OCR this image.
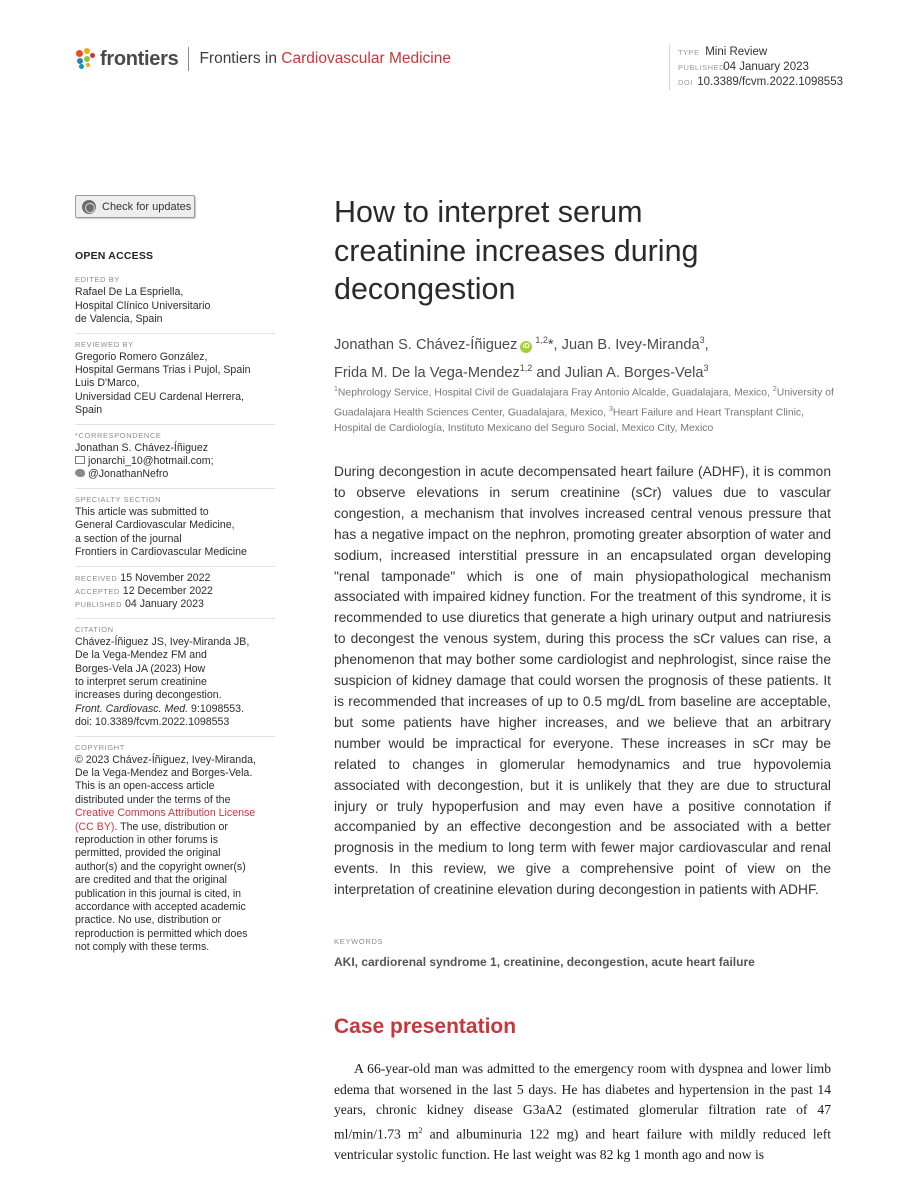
frontiers Frontiers in Cardiovascular Medicine	TYPE Mini Review
PUBLISHED 04 January 2023
DOI 10.3389/fcvm.2022.1098553
Check for updates
OPEN ACCESS
EDITED BY
Rafael De La Espriella,
Hospital Clínico Universitario
de Valencia, Spain
REVIEWED BY
Gregorio Romero González,
Hospital Germans Trias i Pujol, Spain
Luis D'Marco,
Universidad CEU Cardenal Herrera,
Spain
*CORRESPONDENCE
Jonathan S. Chávez-Íñiguez
jonarchi_10@hotmail.com;
@JonathanNefro
SPECIALTY SECTION
This article was submitted to
General Cardiovascular Medicine,
a section of the journal
Frontiers in Cardiovascular Medicine
RECEIVED 15 November 2022
ACCEPTED 12 December 2022
PUBLISHED 04 January 2023
CITATION
Chávez-Íñiguez JS, Ivey-Miranda JB,
De la Vega-Mendez FM and
Borges-Vela JA (2023) How
to interpret serum creatinine
increases during decongestion.
Front. Cardiovasc. Med. 9:1098553.
doi: 10.3389/fcvm.2022.1098553
COPYRIGHT
© 2023 Chávez-Íñiguez, Ivey-Miranda,
De la Vega-Mendez and Borges-Vela.
This is an open-access article
distributed under the terms of the
Creative Commons Attribution License
(CC BY). The use, distribution or
reproduction in other forums is
permitted, provided the original
author(s) and the copyright owner(s)
are credited and that the original
publication in this journal is cited, in
accordance with accepted academic
practice. No use, distribution or
reproduction is permitted which does
not comply with these terms.
How to interpret serum
creatinine increases during
decongestion
Jonathan S. Chávez-Íñiguez iD$^{1,2}$*, Juan B. Ivey-Miranda$^3$,
Frida M. De la Vega-Mendez$^{1,2}$ and Julian A. Borges-Vela$^3$
$^1$Nephrology Service, Hospital Civil de Guadalajara Fray Antonio Alcalde, Guadalajara, Mexico, $^2$University of Guadalajara Health Sciences Center, Guadalajara, Mexico, $^3$Heart Failure and Heart Transplant Clinic, Hospital de Cardiología, Instituto Mexicano del Seguro Social, Mexico City, Mexico

During decongestion in acute decompensated heart failure (ADHF), it is common to observe elevations in serum creatinine (sCr) values due to vascular congestion, a mechanism that involves increased central venous pressure that has a negative impact on the nephron, promoting greater absorption of water and sodium, increased interstitial pressure in an encapsulated organ developing "renal tamponade" which is one of main physiopathological mechanism associated with impaired kidney function. For the treatment of this syndrome, it is recommended to use diuretics that generate a high urinary output and natriuresis to decongest the venous system, during this process the sCr values can rise, a phenomenon that may bother some cardiologist and nephrologist, since raise the suspicion of kidney damage that could worsen the prognosis of these patients. It is recommended that increases of up to 0.5 mg/dL from baseline are acceptable, but some patients have higher increases, and we believe that an arbitrary number would be impractical for everyone. These increases in sCr may be related to changes in glomerular hemodynamics and true hypovolemia associated with decongestion, but it is unlikely that they are due to structural injury or truly hypoperfusion and may even have a positive connotation if accompanied by an effective decongestion and be associated with a better prognosis in the medium to long term with fewer major cardiovascular and renal events. In this review, we give a comprehensive point of view on the interpretation of creatinine elevation during decongestion in patients with ADHF.

KEYWORDS
AKI, cardiorenal syndrome 1, creatinine, decongestion, acute heart failure
Case presentation

A 66-year-old man was admitted to the emergency room with dyspnea and lower limb edema that worsened in the last 5 days. He has diabetes and hypertension in the past 14 years, chronic kidney disease G3aA2 (estimated glomerular filtration rate of 47 ml/min/1.73 $m^2$ and albuminuria 122 mg) and heart failure with mildly reduced left ventricular systolic function. He last weight was 82 kg 1 month ago and now is
